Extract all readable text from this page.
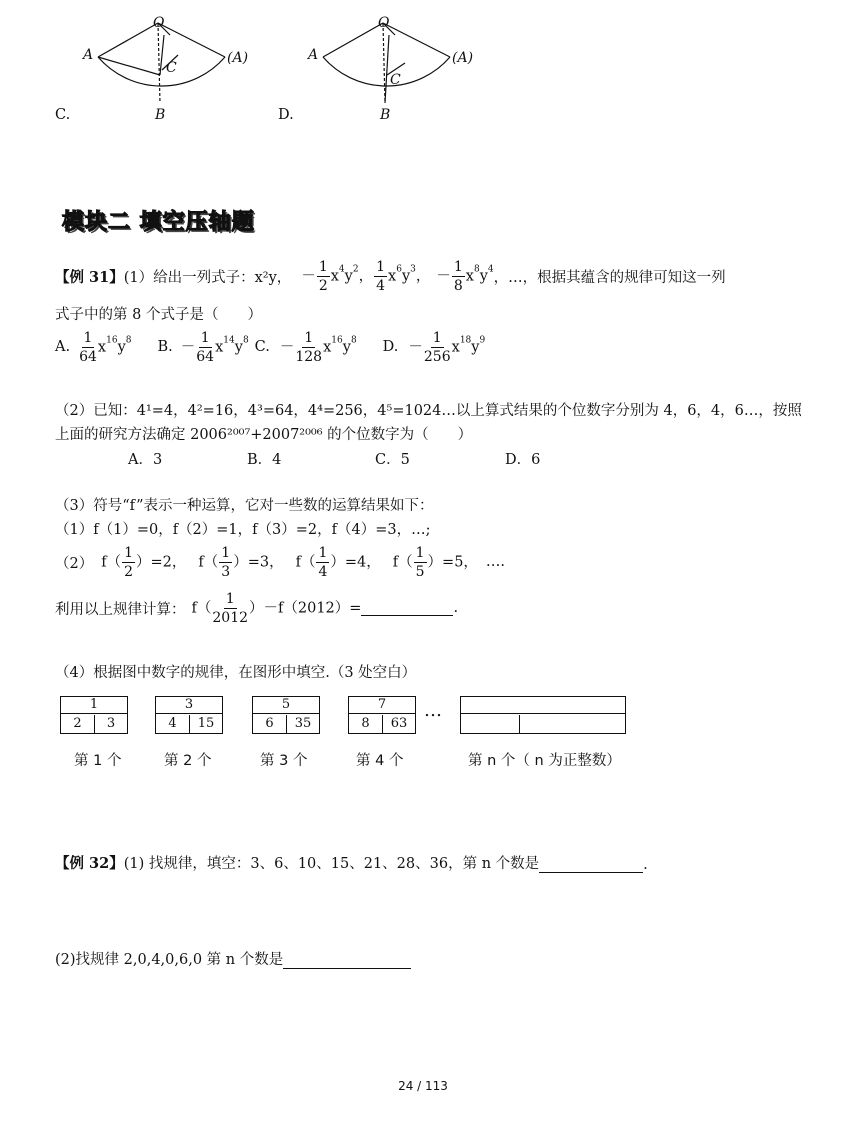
O
A
C
B
(A)
C.
O
A
C
B
(A)
D.
模块二 填空压轴题
【例 31】 (1）给出一列式子： x²y， － $\frac{1}{2} x^4y^2$， $\frac{1}{4} x^6y^3$， － $\frac{1}{8} x^8y^4$
，…，根据其蕴含的规律可知这一列
式子中的第 8 个式子是（　　）
A. $\frac{1}{64} x^{16}y^8$ B. － $\frac{1}{64} x^{14}y^8$ C. － $\frac{1}{128} x^{16}y^8$ D. － $\frac{1}{256} x^{18}y^9$
（2）已知：4¹=4，4²=16，4³=64，4⁴=256，4⁵=1024…以上算式结果的个位数字分别为 4，6，4，6…，按照
上面的研究方法确定 2006²⁰⁰⁷+2007²⁰⁰⁶ 的个位数字为（　　）
A．3	B．4	C．5	D．6
（3）符号“f”表示一种运算，它对一些数的运算结果如下：
（1）f（1）=0，f（2）=1，f（3）=2，f（4）=3，…;
（2） $f( \frac{1}{2} )=2$， $f( \frac{1}{3} )=3$， $f( \frac{1}{4} )=4$， $f( \frac{1}{5} )=5$， ….
利用以上规律计算： $f( \frac{1}{2012} )-f(2012)=$	.
（4）根据图中数字的规律，在图形中填空.（3 处空白）
1
2	3
3
4	15
5
6	35
7
8	63
…
第 1 个	第 2 个	第 3 个	第 4 个	第 n 个（ n 为正整数）
【例 32】 (1) 找规律，填空：3、6、10、15、21、28、36，第 n 个数是	.
(2)找规律 2,0,4,0,6,0 第 n 个数是
24 / 113
